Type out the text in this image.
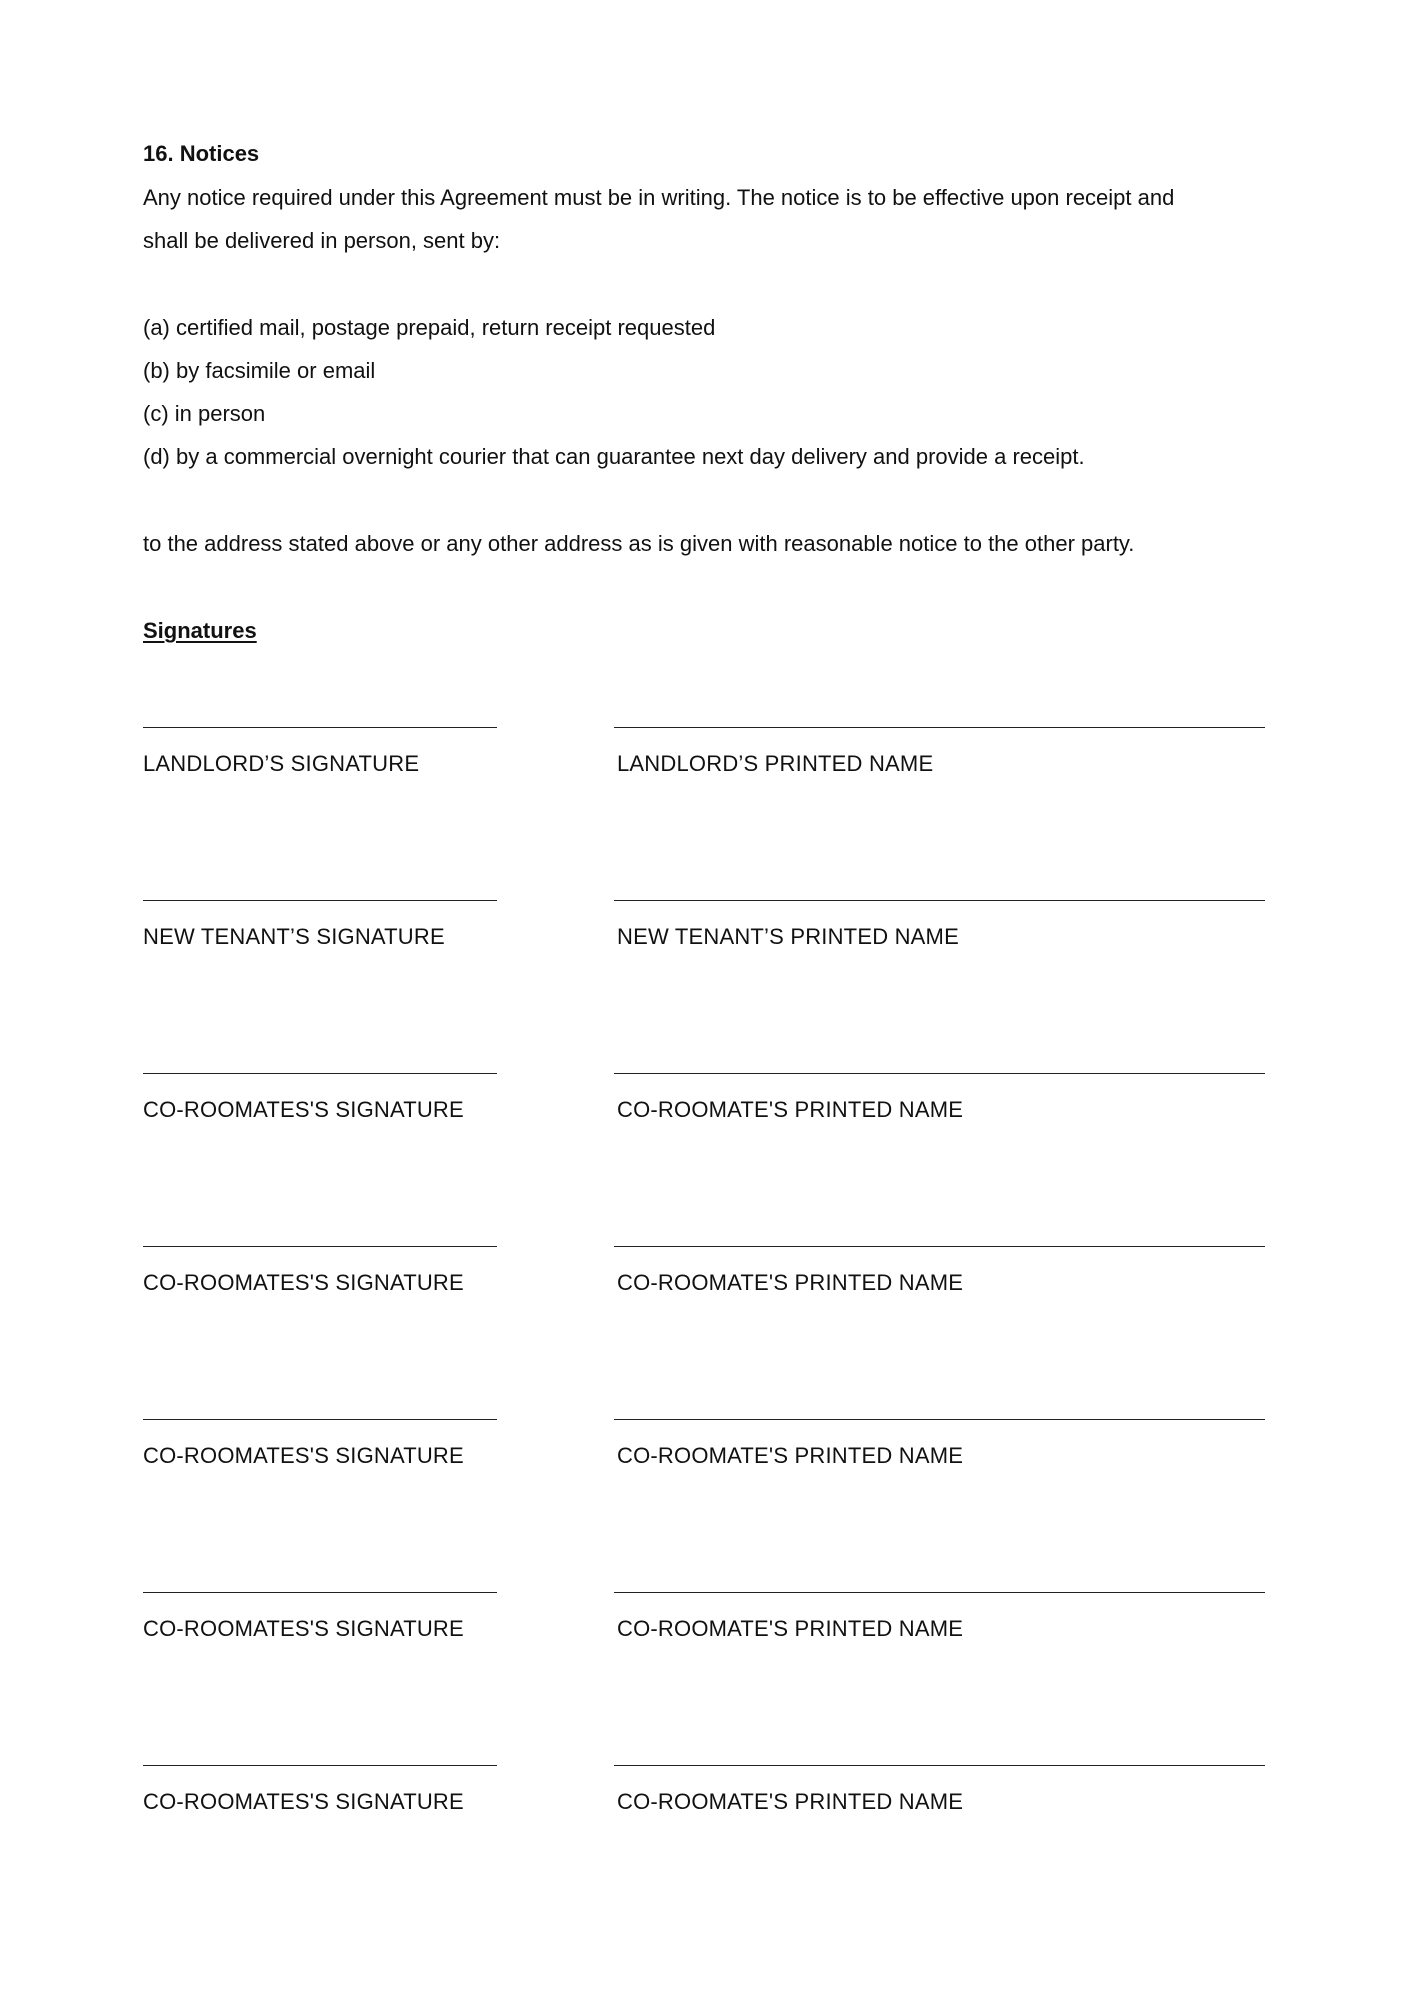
16. Notices
Any notice required under this Agreement must be in writing. The notice is to be effective upon receipt and
shall be delivered in person, sent by:
(a) certified mail, postage prepaid, return receipt requested
(b) by facsimile or email
(c) in person
(d) by a commercial overnight courier that can guarantee next day delivery and provide a receipt.
to the address stated above or any other address as is given with reasonable notice to the other party.
Signatures
LANDLORD’S SIGNATURE	LANDLORD’S PRINTED NAME
NEW TENANT’S SIGNATURE	NEW TENANT’S PRINTED NAME
CO-ROOMATES'S SIGNATURE	CO-ROOMATE'S PRINTED NAME
CO-ROOMATES'S SIGNATURE	CO-ROOMATE'S PRINTED NAME
CO-ROOMATES'S SIGNATURE	CO-ROOMATE'S PRINTED NAME
CO-ROOMATES'S SIGNATURE	CO-ROOMATE'S PRINTED NAME
CO-ROOMATES'S SIGNATURE	CO-ROOMATE'S PRINTED NAME
